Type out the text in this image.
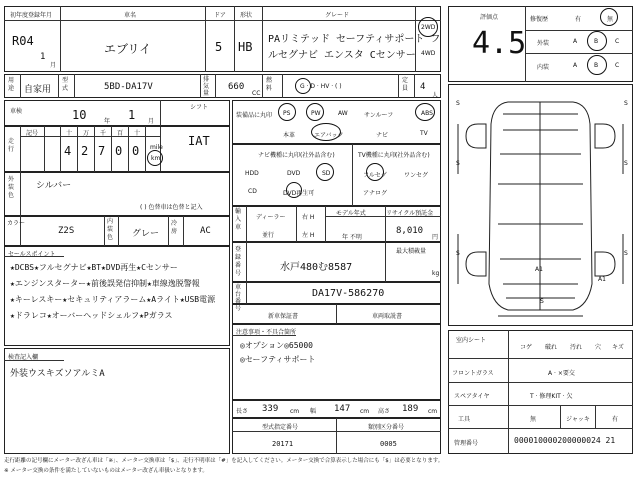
初年度登録年月
R04
1
月
車名
エブリイ
ドア
5
形状
HB
グレード
PAリミテッド セーフティサポート フ
ルセグナビ エンスタ Cセンサー
2WD
4WD
評価点
4.5
修復歴	有	無
外装	A	B	C
内装	A	B	C
用途 自家用
型式	5BD-DA17V
排気量
660
CC
燃料	G · D · HV · ( )
定員 4
人
車検	10	年 1 月
シフト
IAT
走行
記号	十 万 千 百 十
4 2 7 0 0 mile
km
外装色
シルバー
( ) 色替車は色替と記入
カラー
Z2S
内装色 グレー
冷房	AC
セールスポイント
★DCBS★フルセグナビ★BT★DVD再生★Cセンサー
★エンジンスターター★前後誤発信抑制★車線逸脱警報
★キーレスキー★セキュリティアラーム★Aライト★USB電源
★ドラレコ★オーバーヘッドシェルフ★Pガラス
検査記入欄
外装ウスキズソアルミA
装備品に丸印 PS	PW	AW	サンルーフ	ABS
本革	エアバック	ナビ	TV
ナビ機種に丸印 (社外品含む)
HDD	DVD	SD
CD	DVD再生可
TV機種に丸印 (社外品含む)
フルセグ	ワンセグ
アナログ
輸入車
ディーラー
並行
右 H
左 H
モデル年式
年 不明
リサイクル預託金
8,010
円
登録番号
水戸480む8587
最大積載量
kg
車台番号
DA17V-586270
新車保証書	車両取説書
注意事項・不具合箇所
◎オプション◎65000
◎セーフティサポート
長さ 339 cm 幅 147 cm 高さ 189 cm
型式指定番号
20171
類別区分番号
0005
S	S
S	S
S	S
S
A1
A1
室内シート
コゲ 破れ 汚れ 穴 キズ
フロントガラス	A · ×要交
スペアタイヤ	T · 修理KIT · 欠
工具	無	ジャッキ	有
管理番号	000010000200000024 21
走行距離の記号欄にメーター改ざん車は「※」、メーター交換車は「$」、走行不明車は「#」を記入してください。メーター交換で合算表示した場合にも「$」は必要となります。
※ メーター交換の条件を満たしていないものはメーター改ざん車扱いとなります。
